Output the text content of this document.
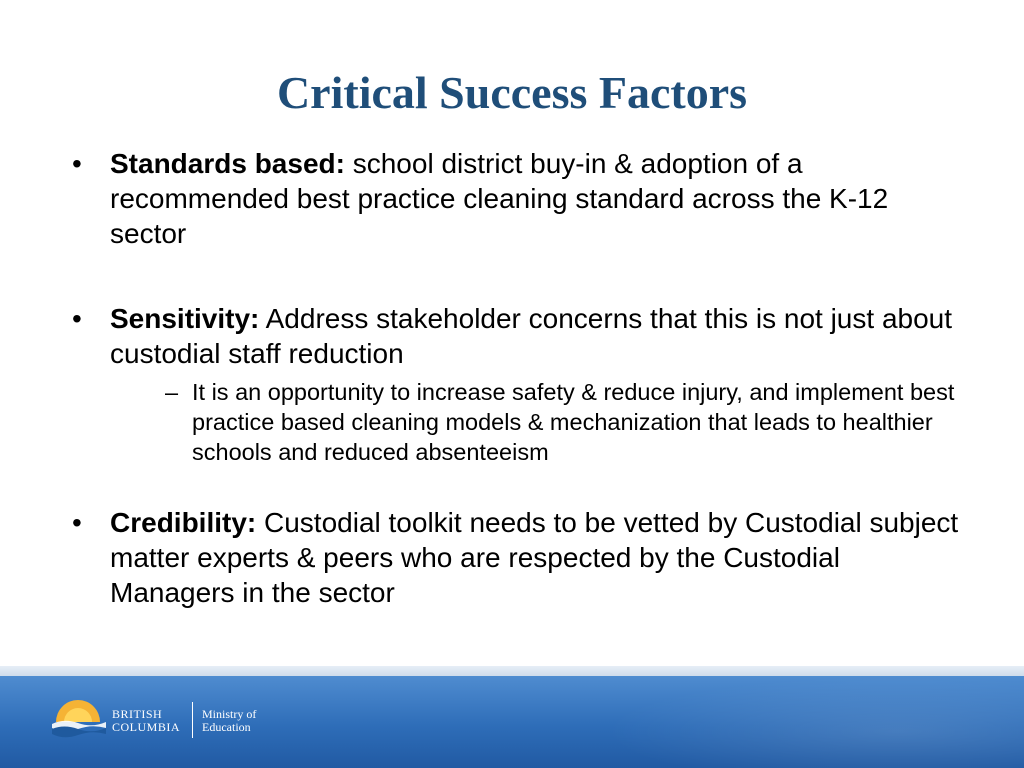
Critical Success Factors
• Standards based: school district buy-in & adoption of a recommended best practice cleaning standard across the K-12 sector
• Sensitivity: Address stakeholder concerns that this is not just about custodial staff reduction
– It is an opportunity to increase safety & reduce injury, and implement best practice based cleaning models & mechanization that leads to healthier schools and reduced absenteeism
• Credibility: Custodial toolkit needs to be vetted by Custodial subject matter experts & peers who are respected by the Custodial Managers in the sector
BRITISH
COLUMBIA
Ministry of
Education
